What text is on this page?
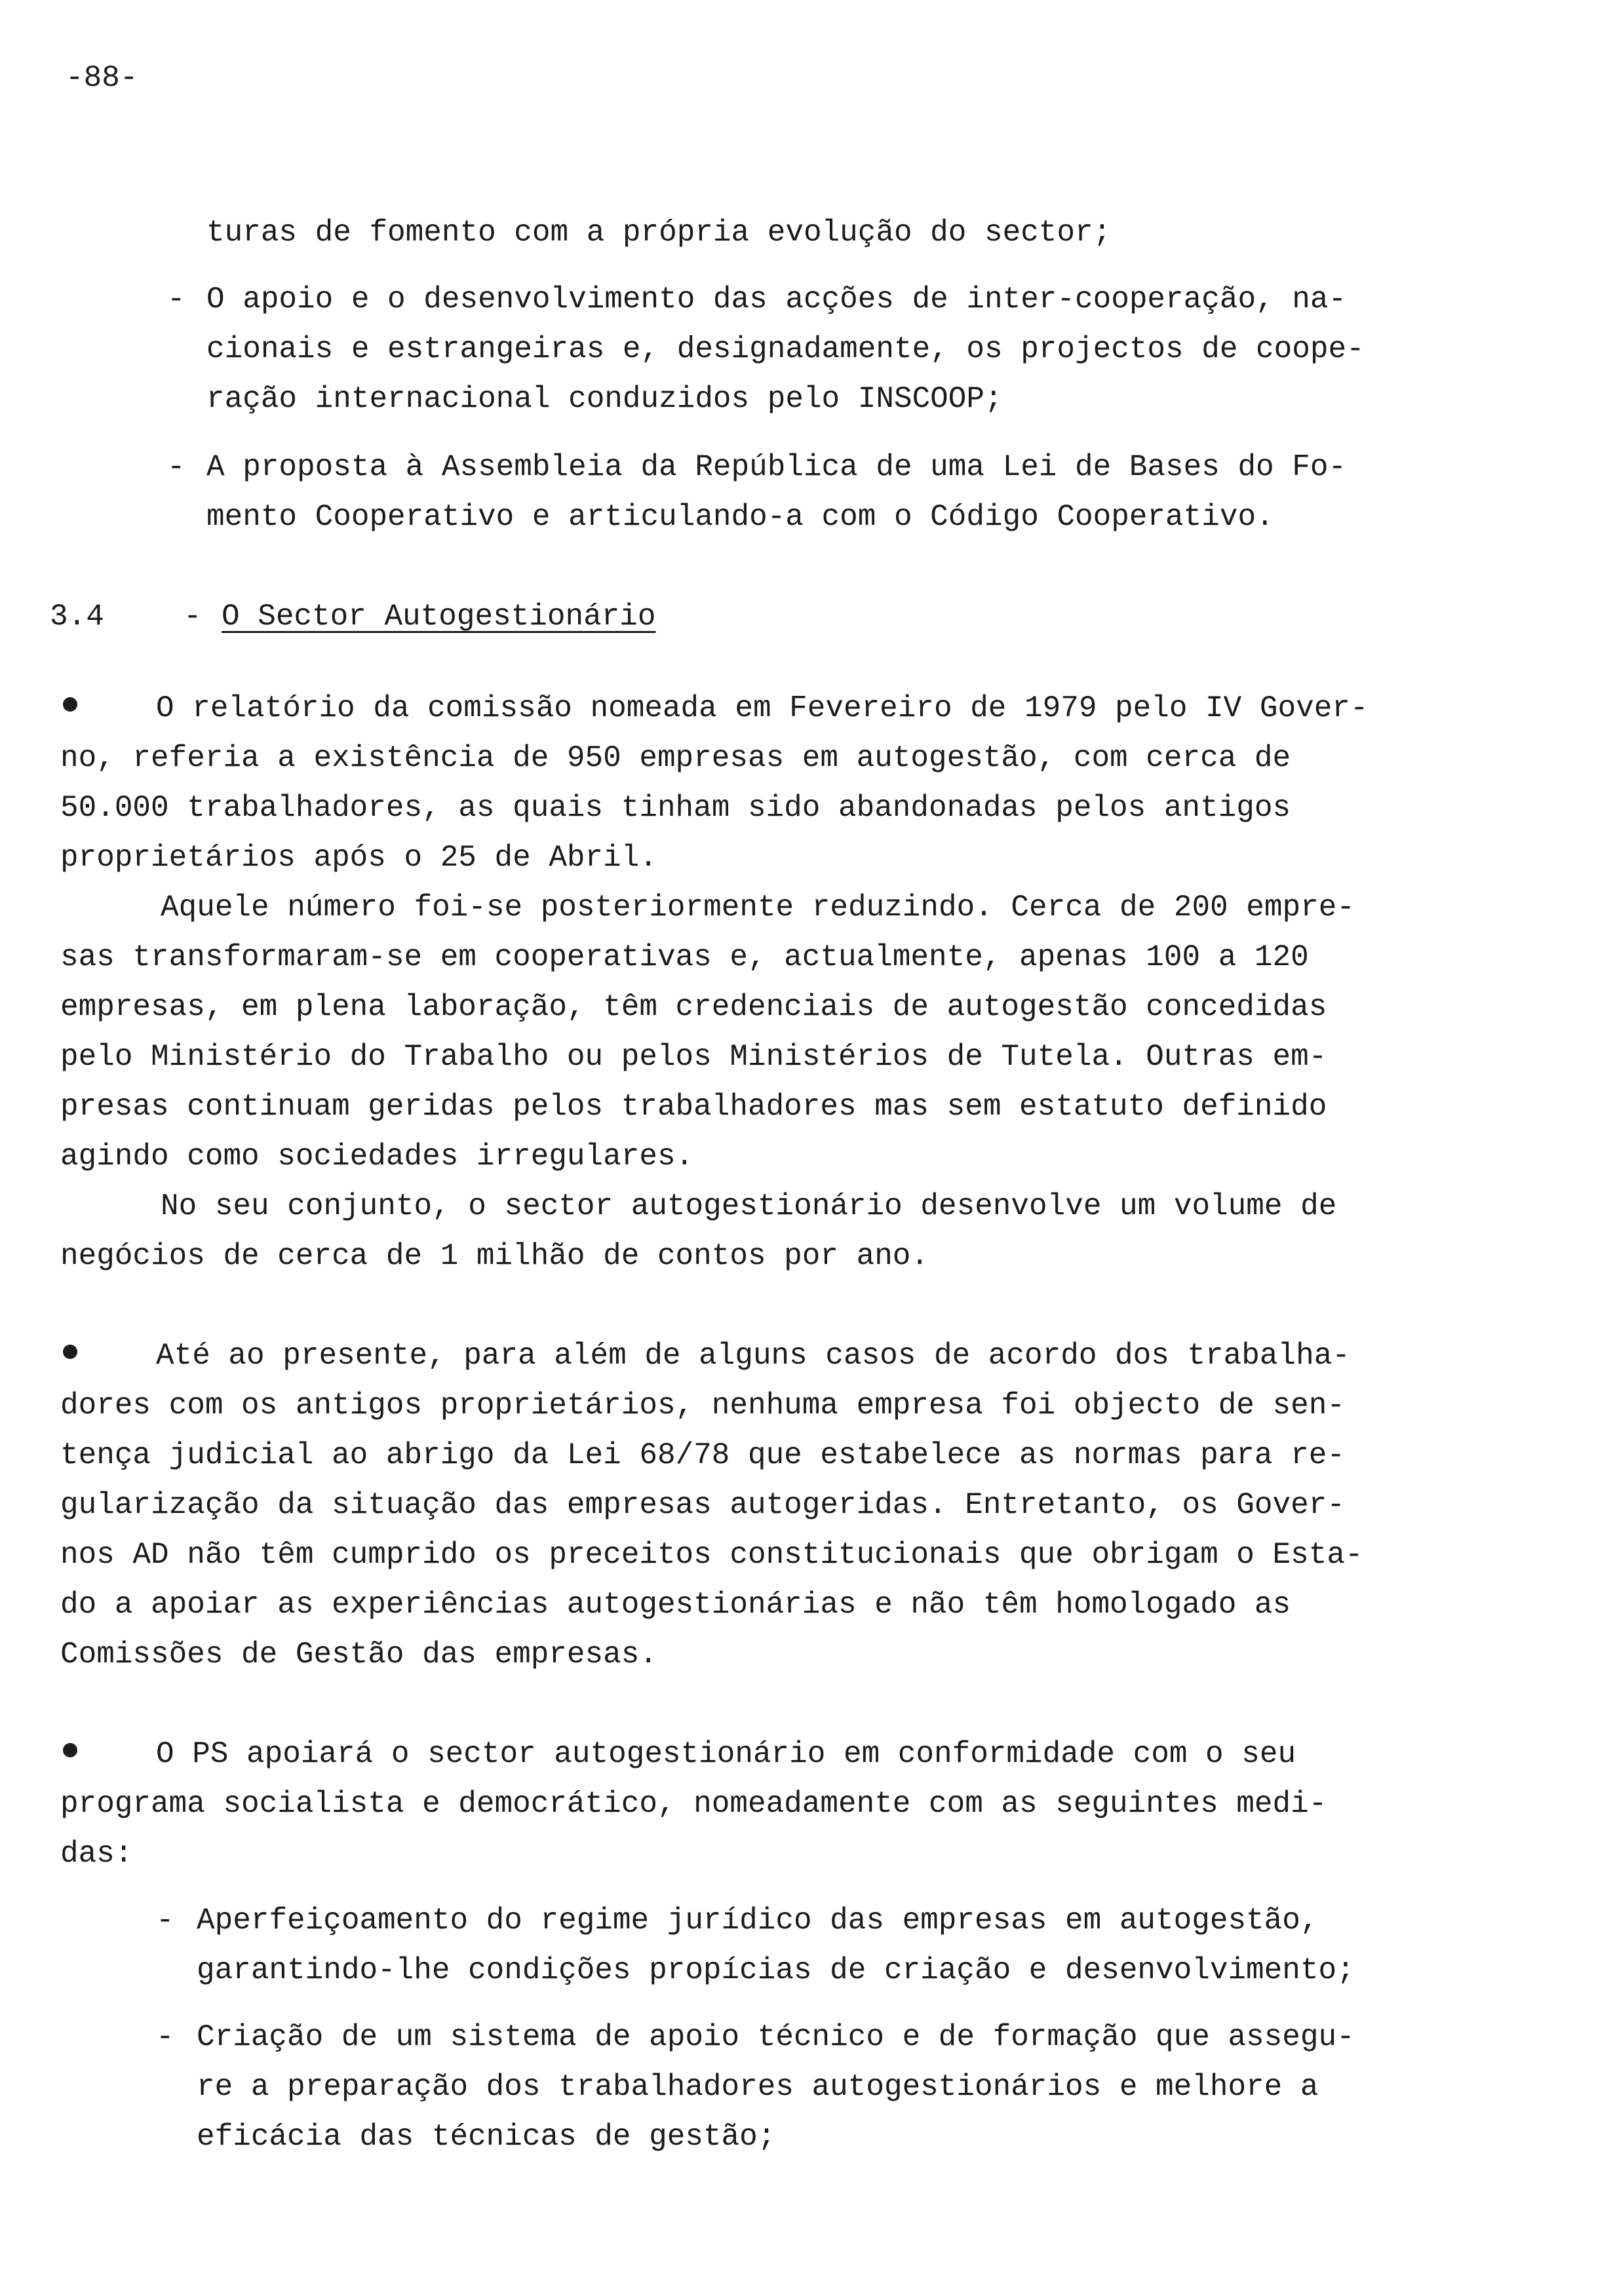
-88-
turas de fomento com a própria evolução do sector;
- O apoio e o desenvolvimento das acções de inter-cooperação, na-
cionais e estrangeiras e, designadamente, os projectos de coope-
ração internacional conduzidos pelo INSCOOP;
- A proposta à Assembleia da República de uma Lei de Bases do Fo-
mento Cooperativo e articulando-a com o Código Cooperativo.
3.4	- O Sector Autogestionário
O relatório da comissão nomeada em Fevereiro de 1979 pelo IV Gover-
no, referia a existência de 950 empresas em autogestão, com cerca de
50.000 trabalhadores, as quais tinham sido abandonadas pelos antigos
proprietários após o 25 de Abril.
Aquele número foi-se posteriormente reduzindo. Cerca de 200 empre-
sas transformaram-se em cooperativas e, actualmente, apenas 100 a 120
empresas, em plena laboração, têm credenciais de autogestão concedidas
pelo Ministério do Trabalho ou pelos Ministérios de Tutela. Outras em-
presas continuam geridas pelos trabalhadores mas sem estatuto definido
agindo como sociedades irregulares.
No seu conjunto, o sector autogestionário desenvolve um volume de
negócios de cerca de 1 milhão de contos por ano.
Até ao presente, para além de alguns casos de acordo dos trabalha-
dores com os antigos proprietários, nenhuma empresa foi objecto de sen-
tença judicial ao abrigo da Lei 68/78 que estabelece as normas para re-
gularização da situação das empresas autogeridas. Entretanto, os Gover-
nos AD não têm cumprido os preceitos constitucionais que obrigam o Esta-
do a apoiar as experiências autogestionárias e não têm homologado as
Comissões de Gestão das empresas.
O PS apoiará o sector autogestionário em conformidade com o seu
programa socialista e democrático, nomeadamente com as seguintes medi-
das:
- Aperfeiçoamento do regime jurídico das empresas em autogestão,
garantindo-lhe condições propícias de criação e desenvolvimento;
- Criação de um sistema de apoio técnico e de formação que assegu-
re a preparação dos trabalhadores autogestionários e melhore a
eficácia das técnicas de gestão;
